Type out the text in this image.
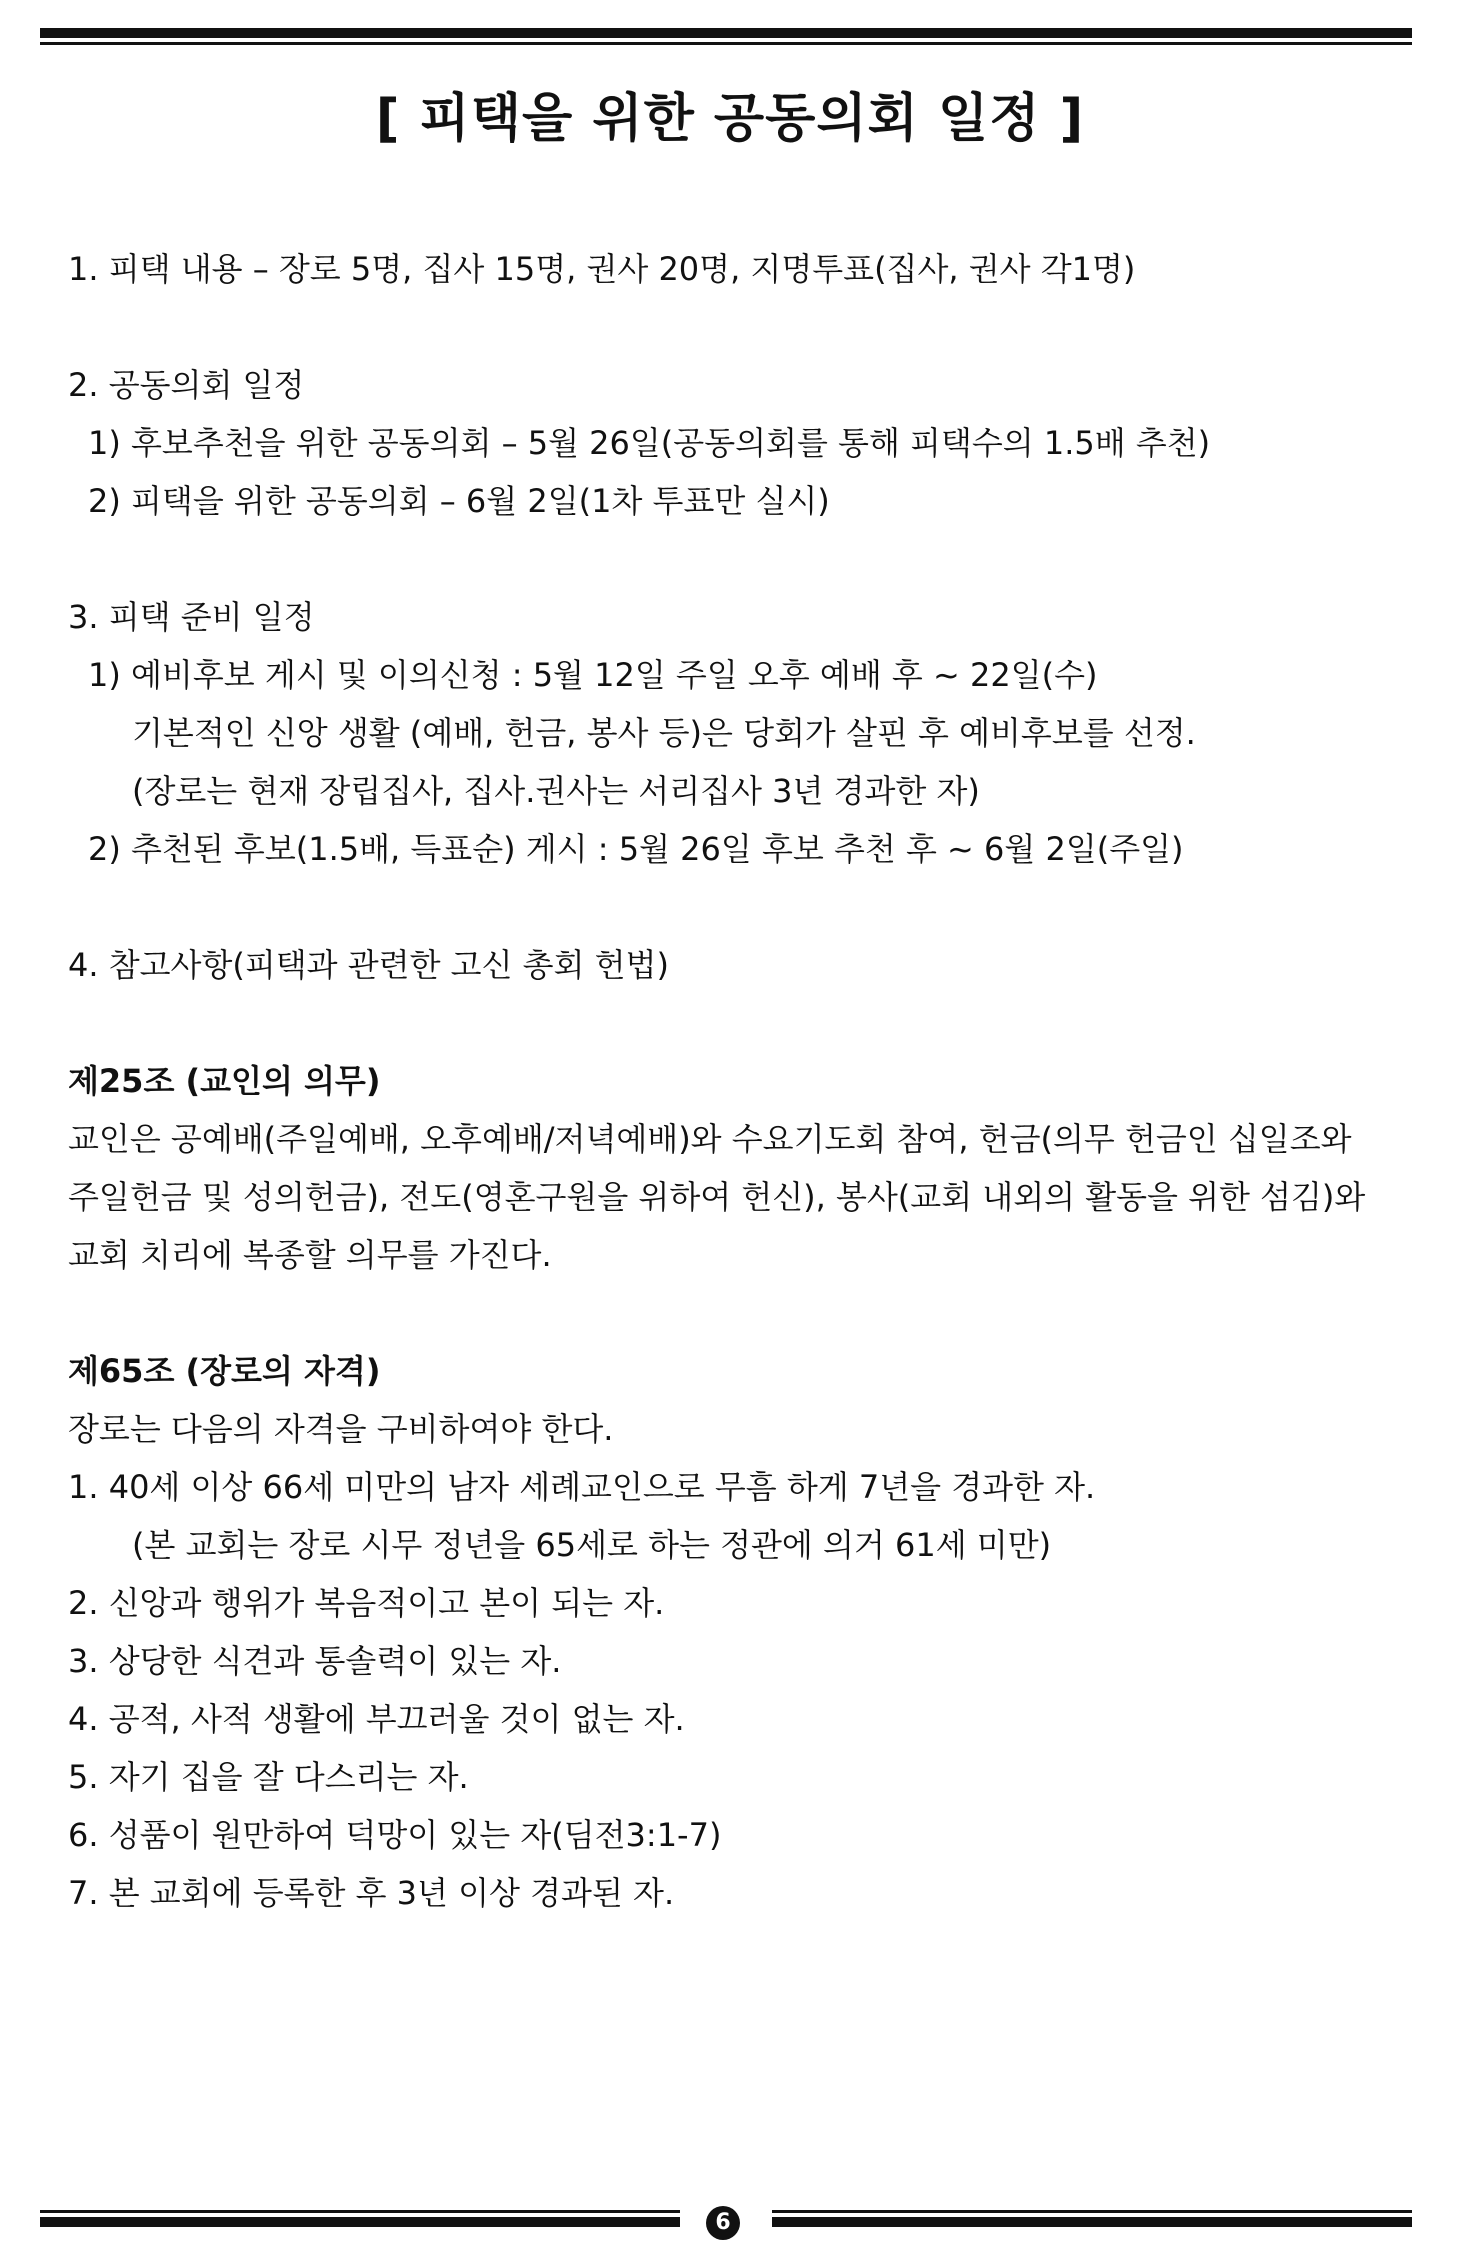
[ 피택을 위한 공동의회 일정 ]
1. 피택 내용 – 장로 5명, 집사 15명, 권사 20명, 지명투표(집사, 권사 각1명)
2. 공동의회 일정
1) 후보추천을 위한 공동의회 – 5월 26일(공동의회를 통해 피택수의 1.5배 추천)
2) 피택을 위한 공동의회 – 6월 2일(1차 투표만 실시)
3. 피택 준비 일정
1) 예비후보 게시 및 이의신청 : 5월 12일 주일 오후 예배 후 ~ 22일(수)
기본적인 신앙 생활 (예배, 헌금, 봉사 등)은 당회가 살핀 후 예비후보를 선정.
(장로는 현재 장립집사, 집사.권사는 서리집사 3년 경과한 자)
2) 추천된 후보(1.5배, 득표순) 게시 : 5월 26일 후보 추천 후 ~ 6월 2일(주일)
4. 참고사항(피택과 관련한 고신 총회 헌법)
제25조 (교인의 의무)
교인은 공예배(주일예배, 오후예배/저녁예배)와 수요기도회 참여, 헌금(의무 헌금인 십일조와
주일헌금 및 성의헌금), 전도(영혼구원을 위하여 헌신), 봉사(교회 내외의 활동을 위한 섬김)와
교회 치리에 복종할 의무를 가진다.
제65조 (장로의 자격)
장로는 다음의 자격을 구비하여야 한다.
1. 40세 이상 66세 미만의 남자 세례교인으로 무흠 하게 7년을 경과한 자.
(본 교회는 장로 시무 정년을 65세로 하는 정관에 의거 61세 미만)
2. 신앙과 행위가 복음적이고 본이 되는 자.
3. 상당한 식견과 통솔력이 있는 자.
4. 공적, 사적 생활에 부끄러울 것이 없는 자.
5. 자기 집을 잘 다스리는 자.
6. 성품이 원만하여 덕망이 있는 자(딤전3:1-7)
7. 본 교회에 등록한 후 3년 이상 경과된 자.
6
